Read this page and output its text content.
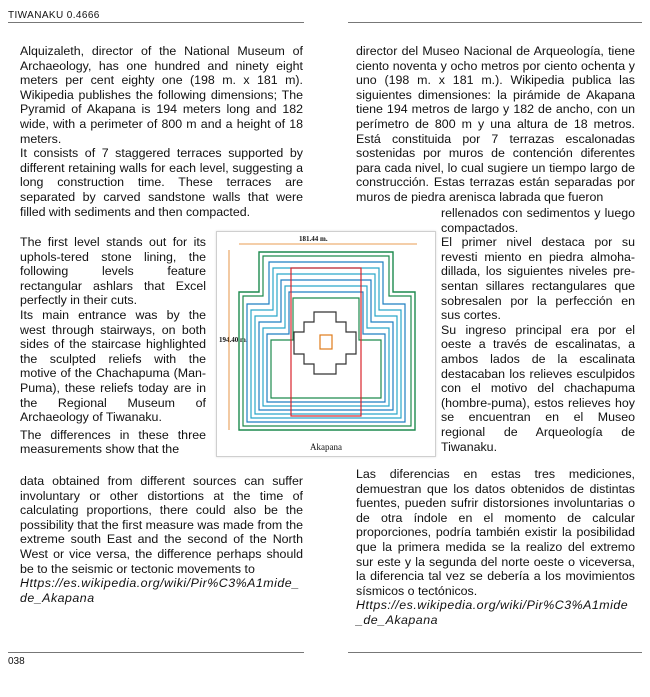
TIWANAKU 0.4666

Alquizaleth, director of the National Museum of Archaeology, has one hundred and ninety eight meters per cent eighty one (198 m. x 181 m). Wikipedia publishes the following dimensions; The Pyramid of Akapana is 194 meters long and 182 wide, with a perimeter of 800 m and a height of 18 meters.

It consists of 7 staggered terraces supported by different retaining walls for each level, suggesting a long construction time. These terraces are separated by carved sandstone walls that were filled with sediments and then compacted.

The first level stands out for its uphols-tered stone lining, the following levels feature rectangular ashlars that Excel perfectly in their cuts.

Its main entrance was by the west through stairways, on both sides of the staircase highlighted the sculpted reliefs with the motive of the Chachapuma (Man-Puma), these reliefs today are in the Regional Museum of Archaeology of Tiwanaku.

The differences in these three measurements show that the

data obtained from different sources can suffer involuntary or other distortions at the time of calculating proportions, there could also be the possibility that the first measure was made from the extreme south East and the second of the North West or vice versa, the difference perhaps should be to the seismic or tectonic movements to

Https://es.wikipedia.org/wiki/Pir%C3%A1mide_de_Akapana

181.44 m.
194.40 m.
Akapana

director del Museo Nacional de Arqueología, tiene ciento noventa y ocho metros por ciento ochenta y uno (198 m. x 181 m.). Wikipedia publica las siguientes dimensiones: la pirámide de Akapana tiene 194 metros de largo y 182 de ancho, con un perímetro de 800 m y una altura de 18 metros. Está constituida por 7 terrazas escalonadas sostenidas por muros de contención diferentes para cada nivel, lo cual sugiere un tiempo largo de construcción. Estas terrazas están separadas por muros de piedra arenisca labrada que fueron

rellenados con sedimentos y luego compactados.

El primer nivel destaca por su revesti miento en piedra almoha- dillada, los siguientes niveles pre-sentan sillares rectangulares que sobresalen por la perfección en sus cortes.

Su ingreso principal era por el oeste a través de escalinatas, a ambos lados de la escalinata destacaban los relieves esculpidos con el motivo del chachapuma (hombre-puma), estos relieves hoy se encuentran en el Museo regional de Arqueología de Tiwanaku.

Las diferencias en estas tres mediciones, demuestran que los datos obtenidos de distintas fuentes, pueden sufrir distorsiones involuntarias o de otra índole en el momento de calcular proporciones, podría también existir la posibilidad que la primera medida se la realizo del extremo sur este y la segunda del norte oeste o viceversa, la diferencia tal vez se debería a los movimientos sísmicos o tectónicos.

Https://es.wikipedia.org/wiki/Pir%C3%A1mide_de_Akapana

038
